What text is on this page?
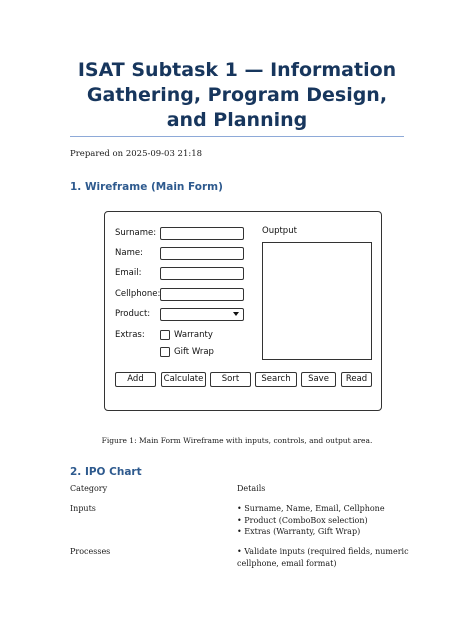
ISAT Subtask 1 — Information Gathering, Program Design, and Planning
Prepared on 2025-09-03 21:18
1. Wireframe (Main Form)
Surname:
Name:
Email:
Cellphone:
Product:
Extras:	Warranty
Gift Wrap
Ouptput
Add	Calculate	Sort	Search	Save	Read
Figure 1: Main Form Wireframe with inputs, controls, and output area.
2. IPO Chart
Category	Details
Inputs	• Surname, Name, Email, Cellphone
• Product (ComboBox selection)
• Extras (Warranty, Gift Wrap)
Processes	• Validate inputs (required fields, numeric cellphone, email format)
